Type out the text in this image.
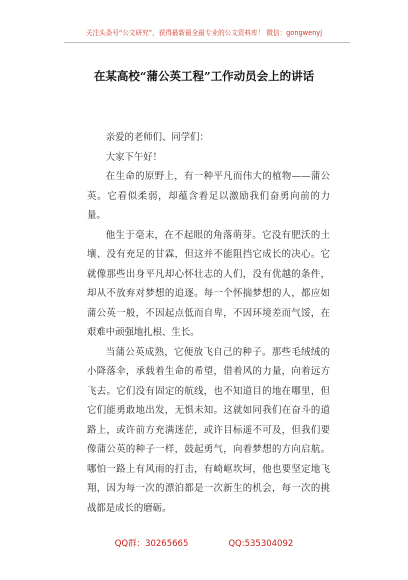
关注头条号“公文研究”，获得最新最全最专业的公文资料库！ 微信：gongwenyj
在某高校“蒲公英工程”工作动员会上的讲话

亲爱的老师们、同学们：

大家下午好！

在生命的原野上，有一种平凡而伟大的植物——蒲公英。它看似柔弱，却蕴含着足以激励我们奋勇向前的力量。

他生于毫末，在不起眼的角落萌芽。它没有肥沃的土壤、没有充足的甘霖，但这并不能阻挡它成长的决心。它就像那些出身平凡却心怀壮志的人们，没有优越的条件，却从不放弃对梦想的追逐。每一个怀揣梦想的人，都应如蒲公英一般，不因起点低而自卑，不因环境差而气馁，在艰难中顽强地扎根、生长。

当蒲公英成熟，它便放飞自己的种子。那些毛绒绒的小降落伞，承载着生命的希望，借着风的力量，向着远方飞去。它们没有固定的航线，也不知道目的地在哪里，但它们能勇敢地出发，无惧未知。这就如同我们在奋斗的道路上，或许前方充满迷茫，或许目标遥不可及，但我们要像蒲公英的种子一样，鼓起勇气，向着梦想的方向启航。哪怕一路上有风雨的打击，有崎岖坎坷，他也要坚定地飞翔，因为每一次的漂泊都是一次新生的机会，每一次的挑战都是成长的磨砺。

QQ群：30265665	QQ:535304092
